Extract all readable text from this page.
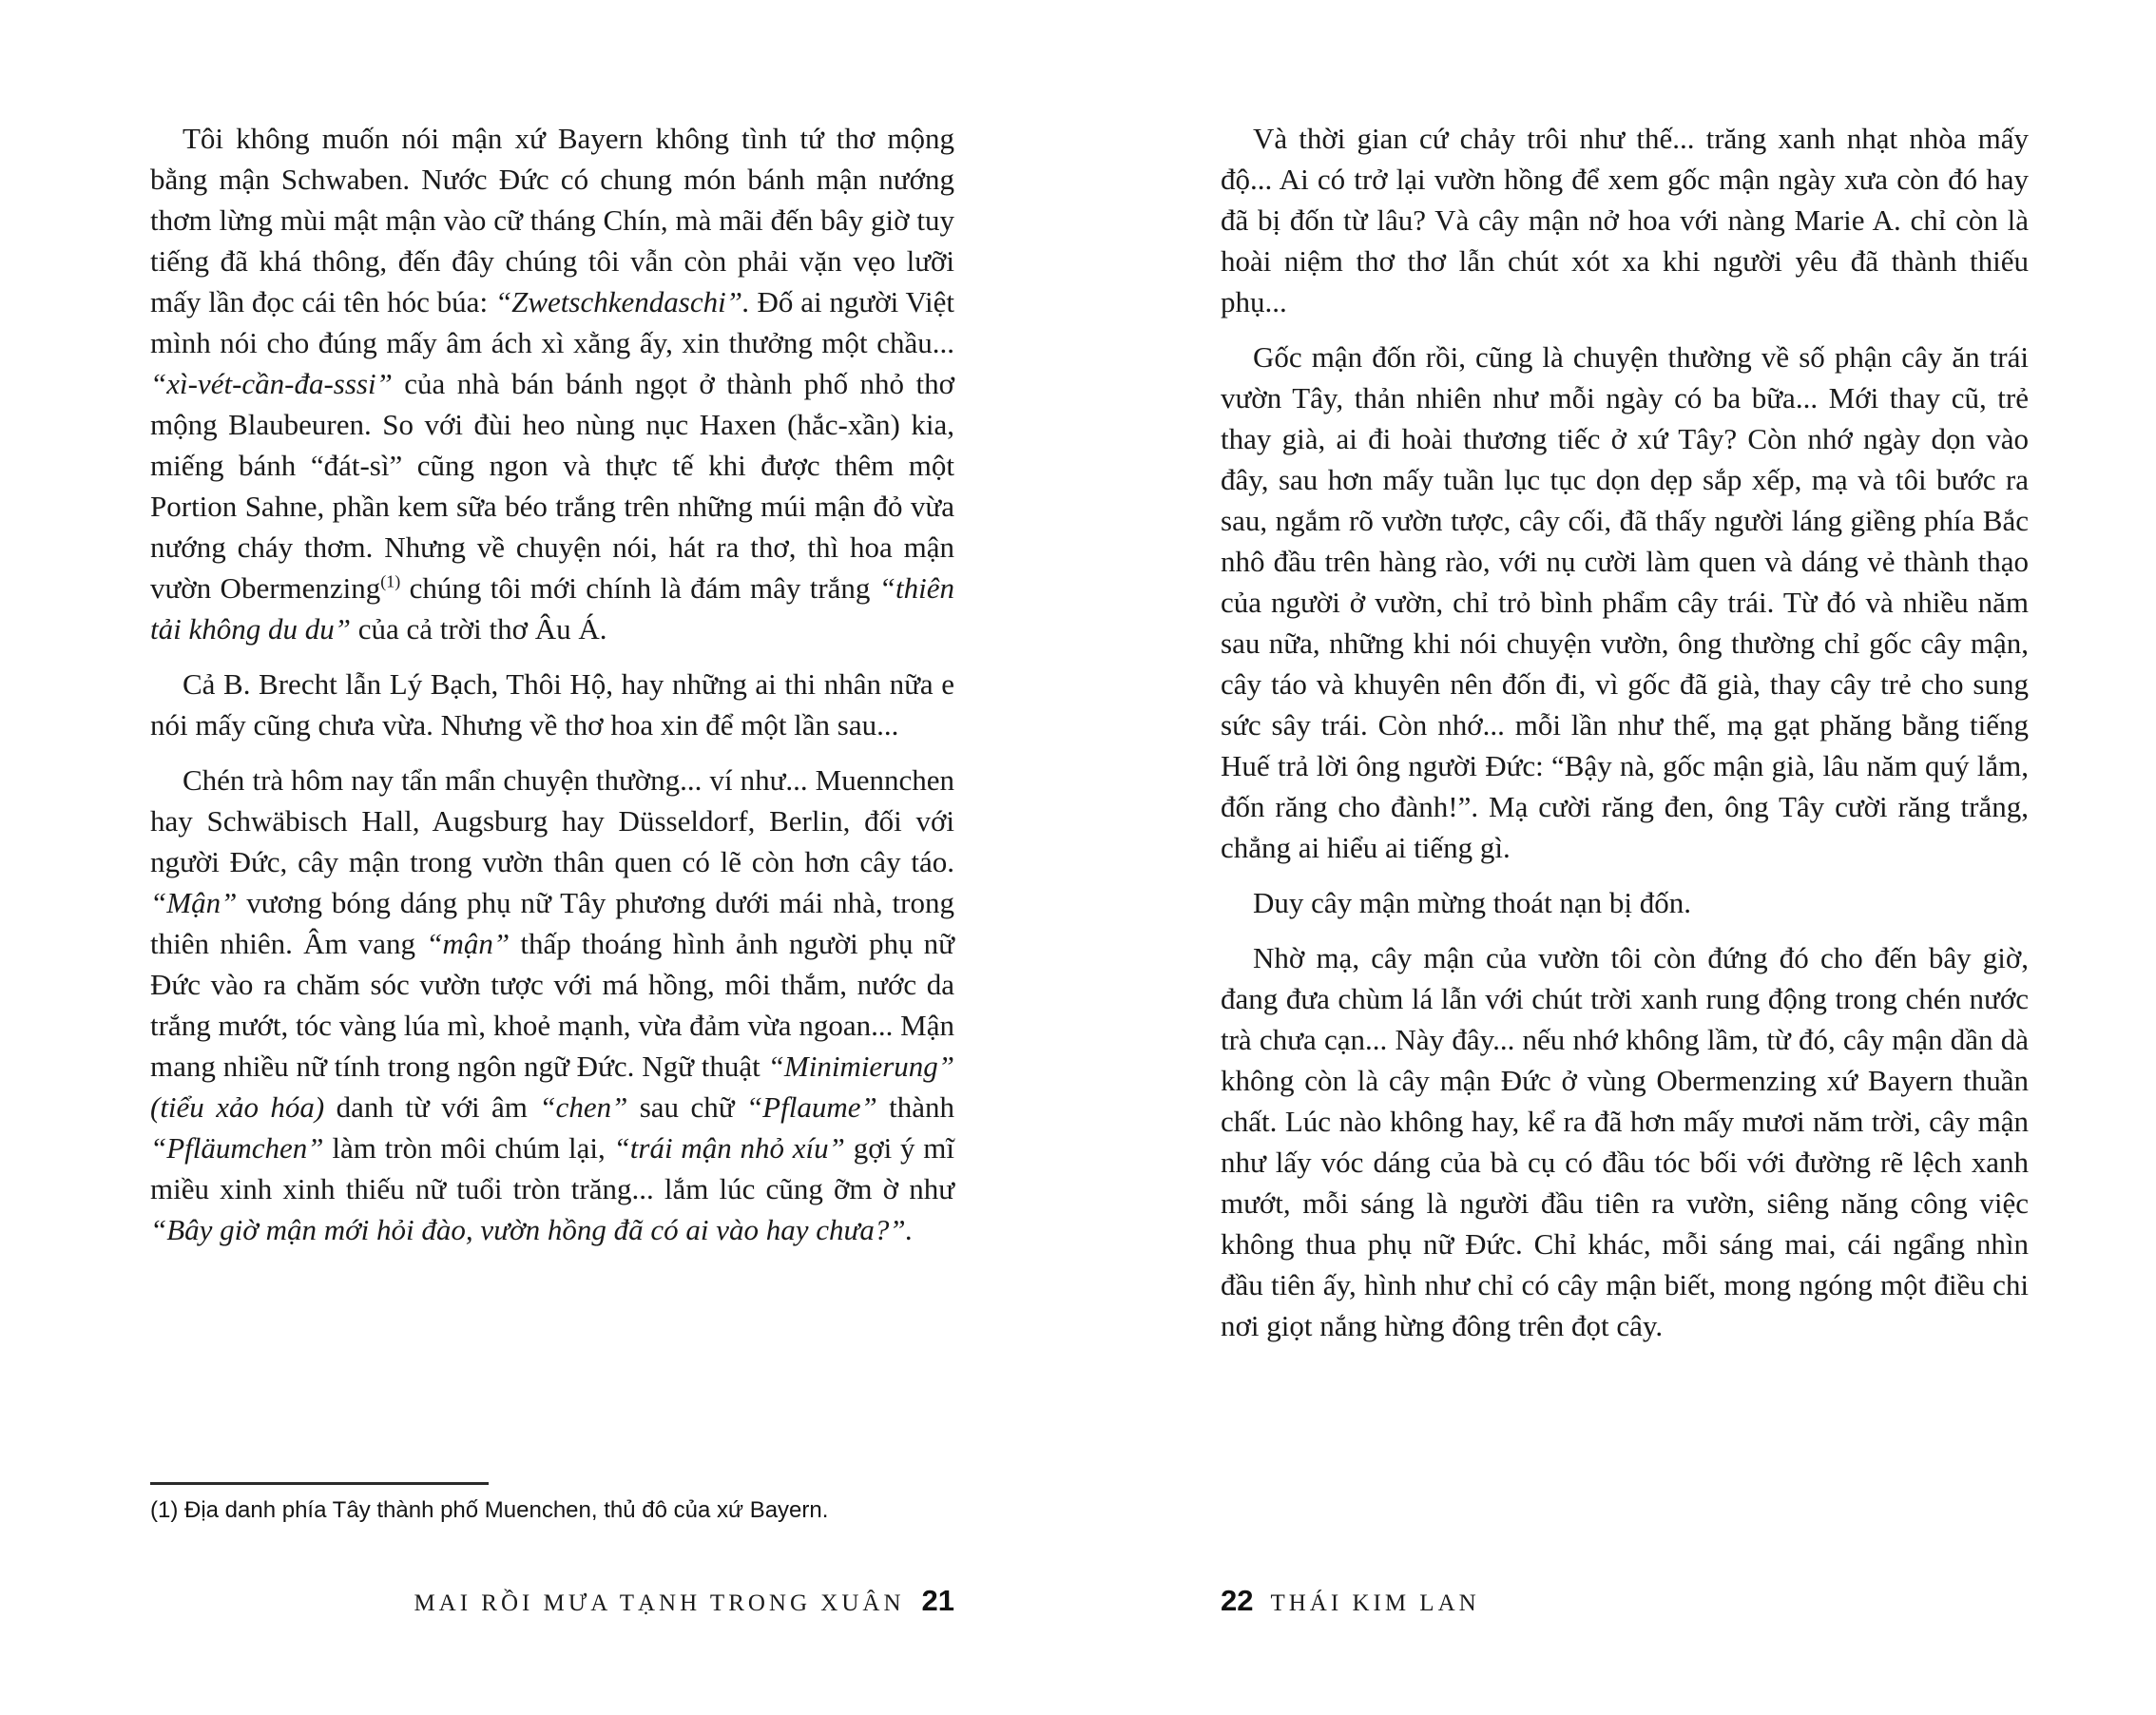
Tôi không muốn nói mận xứ Bayern không tình tứ thơ mộng bằng mận Schwaben. Nước Đức có chung món bánh mận nướng thơm lừng mùi mật mận vào cữ tháng Chín, mà mãi đến bây giờ tuy tiếng đã khá thông, đến đây chúng tôi vẫn còn phải vặn vẹo lưỡi mấy lần đọc cái tên hóc búa: “Zwetschkendaschi”. Đố ai người Việt mình nói cho đúng mấy âm ách xì xằng ấy, xin thưởng một chầu... “xì-vét-cần-đa-sssi” của nhà bán bánh ngọt ở thành phố nhỏ thơ mộng Blaubeuren. So với đùi heo nùng nục Haxen (hắc-xần) kia, miếng bánh “đát-sì” cũng ngon và thực tế khi được thêm một Portion Sahne, phần kem sữa béo trắng trên những múi mận đỏ vừa nướng cháy thơm. Nhưng về chuyện nói, hát ra thơ, thì hoa mận vườn Obermenzing$^{(1)}$ chúng tôi mới chính là đám mây trắng “thiên tải không du du” của cả trời thơ Âu Á.

Cả B. Brecht lẫn Lý Bạch, Thôi Hộ, hay những ai thi nhân nữa e nói mấy cũng chưa vừa. Nhưng về thơ hoa xin để một lần sau...

Chén trà hôm nay tẩn mẩn chuyện thường... ví như... Muennchen hay Schwäbisch Hall, Augsburg hay Düsseldorf, Berlin, đối với người Đức, cây mận trong vườn thân quen có lẽ còn hơn cây táo. “Mận” vương bóng dáng phụ nữ Tây phương dưới mái nhà, trong thiên nhiên. Âm vang “mận” thấp thoáng hình ảnh người phụ nữ Đức vào ra chăm sóc vườn tược với má hồng, môi thắm, nước da trắng mướt, tóc vàng lúa mì, khoẻ mạnh, vừa đảm vừa ngoan... Mận mang nhiều nữ tính trong ngôn ngữ Đức. Ngữ thuật “Minimierung” (tiểu xảo hóa) danh từ với âm “chen” sau chữ “Pflaume” thành “Pfläumchen” làm tròn môi chúm lại, “trái mận nhỏ xíu” gợi ý mĩ miều xinh xinh thiếu nữ tuổi tròn trăng... lắm lúc cũng ỡm ờ như “Bây giờ mận mới hỏi đào, vườn hồng đã có ai vào hay chưa?”.

Và thời gian cứ chảy trôi như thế... trăng xanh nhạt nhòa mấy độ... Ai có trở lại vườn hồng để xem gốc mận ngày xưa còn đó hay đã bị đốn từ lâu? Và cây mận nở hoa với nàng Marie A. chỉ còn là hoài niệm thơ thơ lẫn chút xót xa khi người yêu đã thành thiếu phụ...

Gốc mận đốn rồi, cũng là chuyện thường về số phận cây ăn trái vườn Tây, thản nhiên như mỗi ngày có ba bữa... Mới thay cũ, trẻ thay già, ai đi hoài thương tiếc ở xứ Tây? Còn nhớ ngày dọn vào đây, sau hơn mấy tuần lục tục dọn dẹp sắp xếp, mạ và tôi bước ra sau, ngắm rõ vườn tược, cây cối, đã thấy người láng giềng phía Bắc nhô đầu trên hàng rào, với nụ cười làm quen và dáng vẻ thành thạo của người ở vườn, chỉ trỏ bình phẩm cây trái. Từ đó và nhiều năm sau nữa, những khi nói chuyện vườn, ông thường chỉ gốc cây mận, cây táo và khuyên nên đốn đi, vì gốc đã già, thay cây trẻ cho sung sức sây trái. Còn nhớ... mỗi lần như thế, mạ gạt phăng bằng tiếng Huế trả lời ông người Đức: “Bậy nà, gốc mận già, lâu năm quý lắm, đốn răng cho đành!”. Mạ cười răng đen, ông Tây cười răng trắng, chẳng ai hiểu ai tiếng gì.

Duy cây mận mừng thoát nạn bị đốn.

Nhờ mạ, cây mận của vườn tôi còn đứng đó cho đến bây giờ, đang đưa chùm lá lẫn với chút trời xanh rung động trong chén nước trà chưa cạn... Này đây... nếu nhớ không lầm, từ đó, cây mận dần dà không còn là cây mận Đức ở vùng Obermenzing xứ Bayern thuần chất. Lúc nào không hay, kể ra đã hơn mấy mươi năm trời, cây mận như lấy vóc dáng của bà cụ có đầu tóc bối với đường rẽ lệch xanh mướt, mỗi sáng là người đầu tiên ra vườn, siêng năng công việc không thua phụ nữ Đức. Chỉ khác, mỗi sáng mai, cái ngẩng nhìn đầu tiên ấy, hình như chỉ có cây mận biết, mong ngóng một điều chi nơi giọt nắng hừng đông trên đọt cây.

(1) Địa danh phía Tây thành phố Muenchen, thủ đô của xứ Bayern.
MAI RỒI MƯA TẠNH TRONG XUÂN 21	22 THÁI KIM LAN
